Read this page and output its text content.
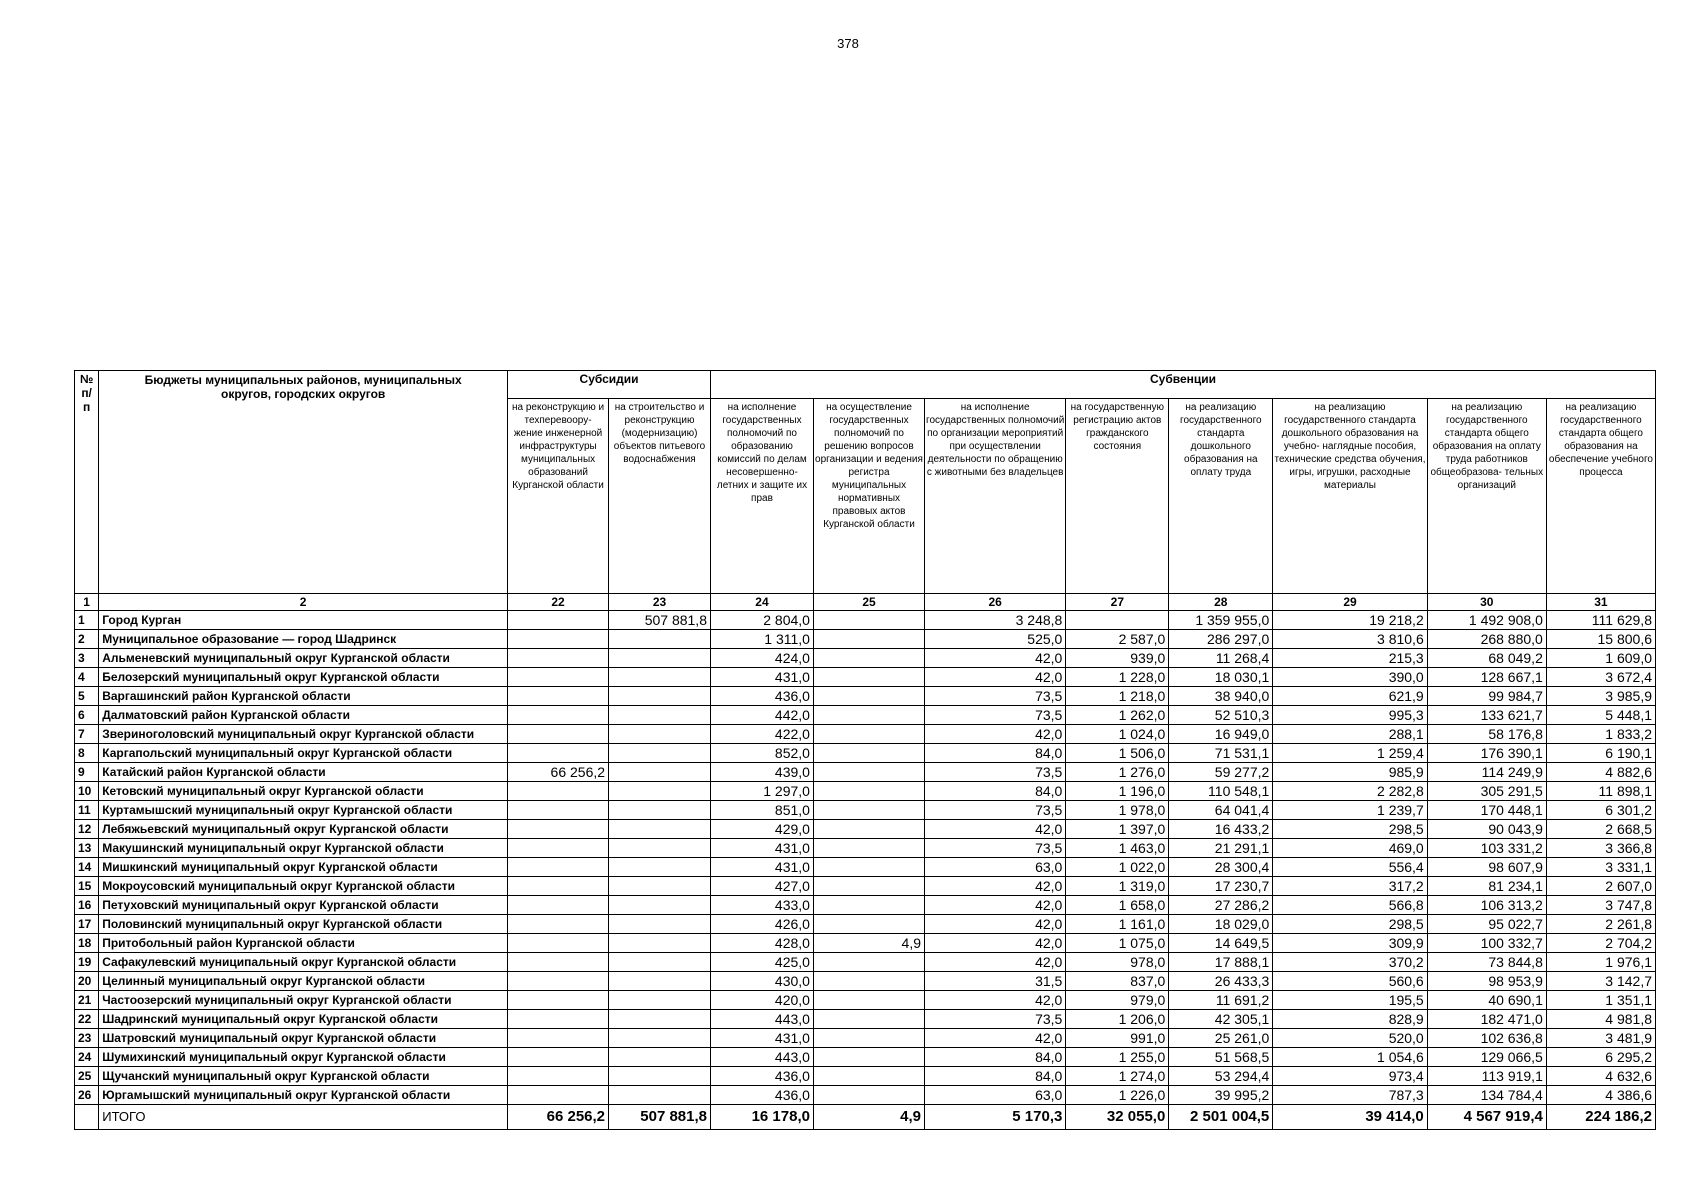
378
№ п/п	Бюджеты муниципальных районов, муниципальных округов, городских округов	Субсидии		Субвенции							
		на реконструкцию и техперевоору- жение инженерной инфраструктуры муниципальных образований Курганской области	на строительство и реконструкцию (модернизацию) объектов питьевого водоснабжения	на исполнение государственных полномочий по образованию комиссий по делам несовершенно- летних и защите их прав	на осуществление государственных полномочий по решению вопросов организации и ведения регистра муниципальных нормативных правовых актов Курганской области	на исполнение государственных полномочий по организации мероприятий при осуществлении деятельности по обращению с животными без владельцев	на государственную регистрацию актов гражданского состояния	на реализацию государственного стандарта дошкольного образования на оплату труда	на реализацию государственного стандарта дошкольного образования на учебно- наглядные пособия, технические средства обучения, игры, игрушки, расходные материалы	на реализацию государственного стандарта общего образования на оплату труда работников общеобразова- тельных организаций	на реализацию государственного стандарта общего образования на обеспечение учебного процесса
1	2	22	23	24	25	26	27	28	29	30	31
1	Город Курган		507 881,8	2 804,0		3 248,8		1 359 955,0	19 218,2	1 492 908,0	111 629,8
2	Муниципальное образование — город Шадринск			1 311,0		525,0	2 587,0	286 297,0	3 810,6	268 880,0	15 800,6
3	Альменевский муниципальный округ Курганской области			424,0		42,0	939,0	11 268,4	215,3	68 049,2	1 609,0
4	Белозерский муниципальный округ Курганской области			431,0		42,0	1 228,0	18 030,1	390,0	128 667,1	3 672,4
5	Варгашинский район Курганской области			436,0		73,5	1 218,0	38 940,0	621,9	99 984,7	3 985,9
6	Далматовский район Курганской области			442,0		73,5	1 262,0	52 510,3	995,3	133 621,7	5 448,1
7	Звериноголовский муниципальный округ Курганской области			422,0		42,0	1 024,0	16 949,0	288,1	58 176,8	1 833,2
8	Каргапольский муниципальный округ Курганской области			852,0		84,0	1 506,0	71 531,1	1 259,4	176 390,1	6 190,1
9	Катайский район Курганской области	66 256,2		439,0		73,5	1 276,0	59 277,2	985,9	114 249,9	4 882,6
10	Кетовский муниципальный округ Курганской области			1 297,0		84,0	1 196,0	110 548,1	2 282,8	305 291,5	11 898,1
11	Куртамышский муниципальный округ Курганской области			851,0		73,5	1 978,0	64 041,4	1 239,7	170 448,1	6 301,2
12	Лебяжьевский муниципальный округ Курганской области			429,0		42,0	1 397,0	16 433,2	298,5	90 043,9	2 668,5
13	Макушинский муниципальный округ Курганской области			431,0		73,5	1 463,0	21 291,1	469,0	103 331,2	3 366,8
14	Мишкинский муниципальный округ Курганской области			431,0		63,0	1 022,0	28 300,4	556,4	98 607,9	3 331,1
15	Мокроусовский муниципальный округ Курганской области			427,0		42,0	1 319,0	17 230,7	317,2	81 234,1	2 607,0
16	Петуховский муниципальный округ Курганской области			433,0		42,0	1 658,0	27 286,2	566,8	106 313,2	3 747,8
17	Половинский муниципальный округ Курганской области			426,0		42,0	1 161,0	18 029,0	298,5	95 022,7	2 261,8
18	Притобольный район Курганской области			428,0	4,9	42,0	1 075,0	14 649,5	309,9	100 332,7	2 704,2
19	Сафакулевский муниципальный округ Курганской области			425,0		42,0	978,0	17 888,1	370,2	73 844,8	1 976,1
20	Целинный муниципальный округ Курганской области			430,0		31,5	837,0	26 433,3	560,6	98 953,9	3 142,7
21	Частоозерский муниципальный округ Курганской области			420,0		42,0	979,0	11 691,2	195,5	40 690,1	1 351,1
22	Шадринский муниципальный округ Курганской области			443,0		73,5	1 206,0	42 305,1	828,9	182 471,0	4 981,8
23	Шатровский муниципальный округ Курганской области			431,0		42,0	991,0	25 261,0	520,0	102 636,8	3 481,9
24	Шумихинский муниципальный округ Курганской области			443,0		84,0	1 255,0	51 568,5	1 054,6	129 066,5	6 295,2
25	Щучанский муниципальный округ Курганской области			436,0		84,0	1 274,0	53 294,4	973,4	113 919,1	4 632,6
26	Юргамышский муниципальный округ Курганской области			436,0		63,0	1 226,0	39 995,2	787,3	134 784,4	4 386,6
	ИТОГО	66 256,2	507 881,8	16 178,0	4,9	5 170,3	32 055,0	2 501 004,5	39 414,0	4 567 919,4	224 186,2
